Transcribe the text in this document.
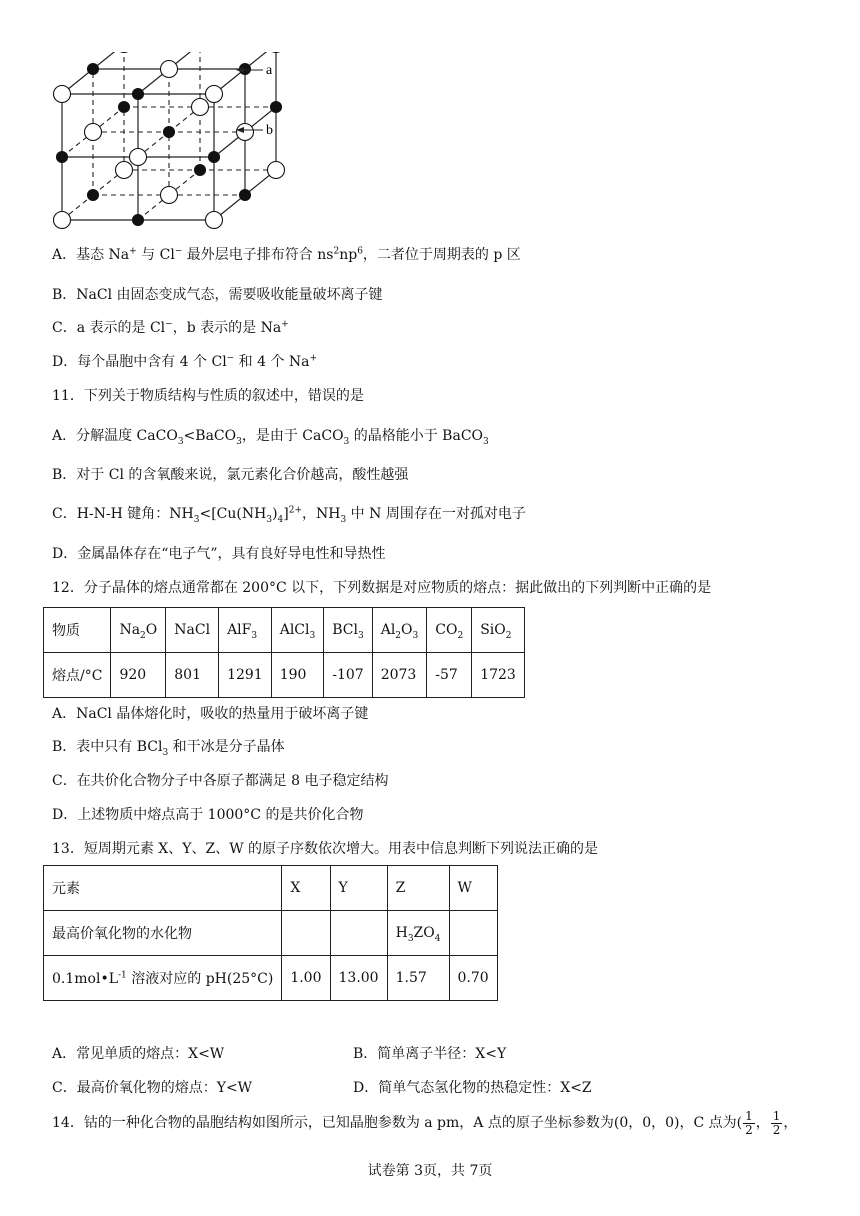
a
b
A．基态 Na+ 与 Cl− 最外层电子排布符合 $ns^2np^6$，二者位于周期表的 p 区
B．NaCl 由固态变成气态，需要吸收能量破坏离子键
C．a 表示的是 Cl−，b 表示的是 Na+
D．每个晶胞中含有 4 个 Cl− 和 4 个 Na+
11．下列关于物质结构与性质的叙述中，错误的是
A．分解温度 CaCO$_3$<BaCO$_3$，是由于 CaCO$_3$ 的晶格能小于 BaCO$_3$
B．对于 Cl 的含氧酸来说，氯元素化合价越高，酸性越强
C．H-N-H 键角：$NH_3<[Cu(NH_3)_4]^{2+}$，$NH_3$ 中 N 周围存在一对孤对电子
D．金属晶体存在“电子气”，具有良好导电性和导热性
12．分子晶体的熔点通常都在 200°C 以下，下列数据是对应物质的熔点：据此做出的下列判断中正确的是
物质	$Na_2O$	NaCl	AlF$_3$	AlCl$_3$	BCl$_3$	$Al_2O_3$	$CO_2$	SiO$_2$
熔点/°C	920	801	1291	190	-107	2073	-57	1723
A．NaCl 晶体熔化时，吸收的热量用于破坏离子键
B．表中只有 BCl$_3$ 和干冰是分子晶体
C．在共价化合物分子中各原子都满足 8 电子稳定结构
D．上述物质中熔点高于 1000°C 的是共价化合物
13．短周期元素 X、Y、Z、W 的原子序数依次增大。用表中信息判断下列说法正确的是
元素	X	Y	Z	W
最高价氧化物的水化物			$H_3ZO_4$	
$0.1mol•L^{-1}$ 溶液对应的 pH(25°C)	1.00	13.00	1.57	0.70
A．常见单质的熔点：X<W	B．简单离子半径：X<Y
C．最高价氧化物的熔点：Y<W	D．简单气态氢化物的热稳定性：X<Z
14．钴的一种化合物的晶胞结构如图所示，已知晶胞参数为 a pm，A 点的原子坐标参数为(0，0，0)，C 点为( $\frac{1}{2}$ ， $\frac{1}{2}$ ，
试卷第 3页，共 7页
